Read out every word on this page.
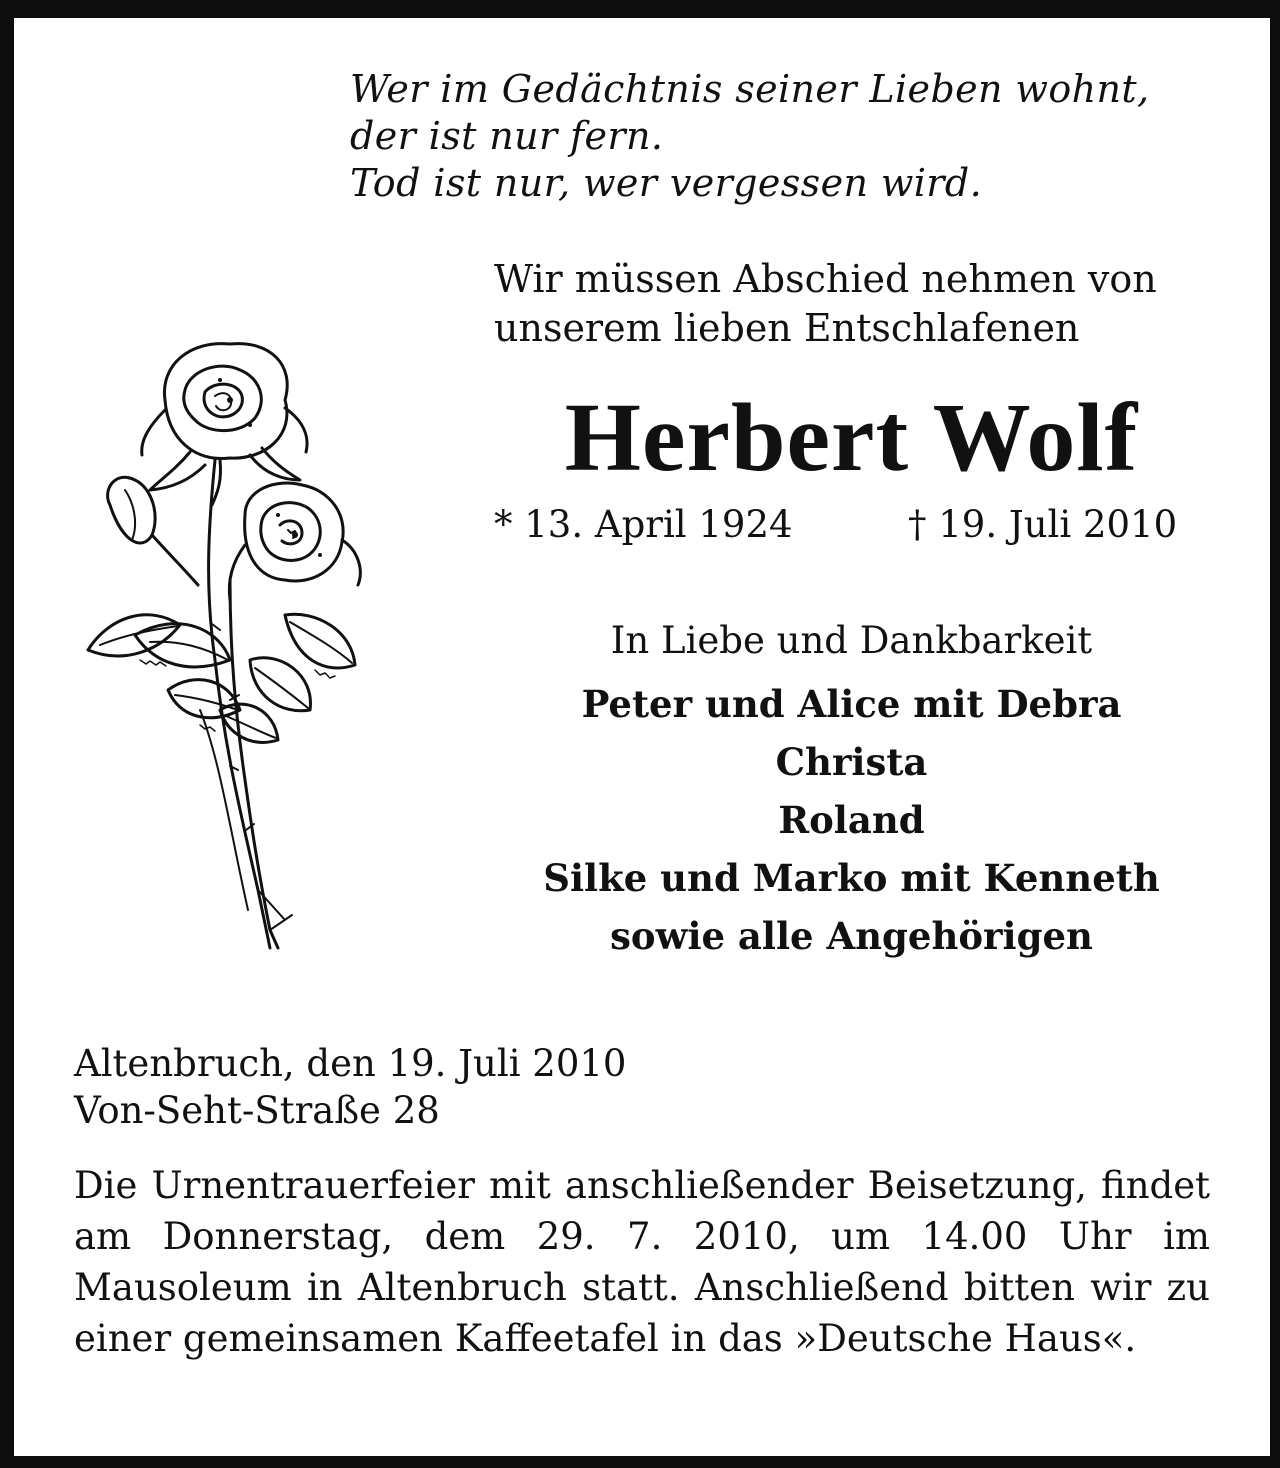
Wer im Gedächtnis seiner Lieben wohnt,
der ist nur fern.
Tod ist nur, wer vergessen wird.
Wir müssen Abschied nehmen von
unserem lieben Entschlafenen
Herbert Wolf
* 13. April 1924	† 19. Juli 2010
In Liebe und Dankbarkeit
Peter und Alice mit Debra
Christa
Roland
Silke und Marko mit Kenneth
sowie alle Angehörigen
Altenbruch, den 19. Juli 2010
Von-Seht-Straße 28
Die Urnentrauerfeier mit anschließender Beisetzung, findet am Donnerstag, dem 29. 7. 2010, um 14.00 Uhr im Mausoleum in Altenbruch statt. Anschließend bitten wir zu einer gemeinsamen Kaffeetafel in das »Deutsche Haus«.
